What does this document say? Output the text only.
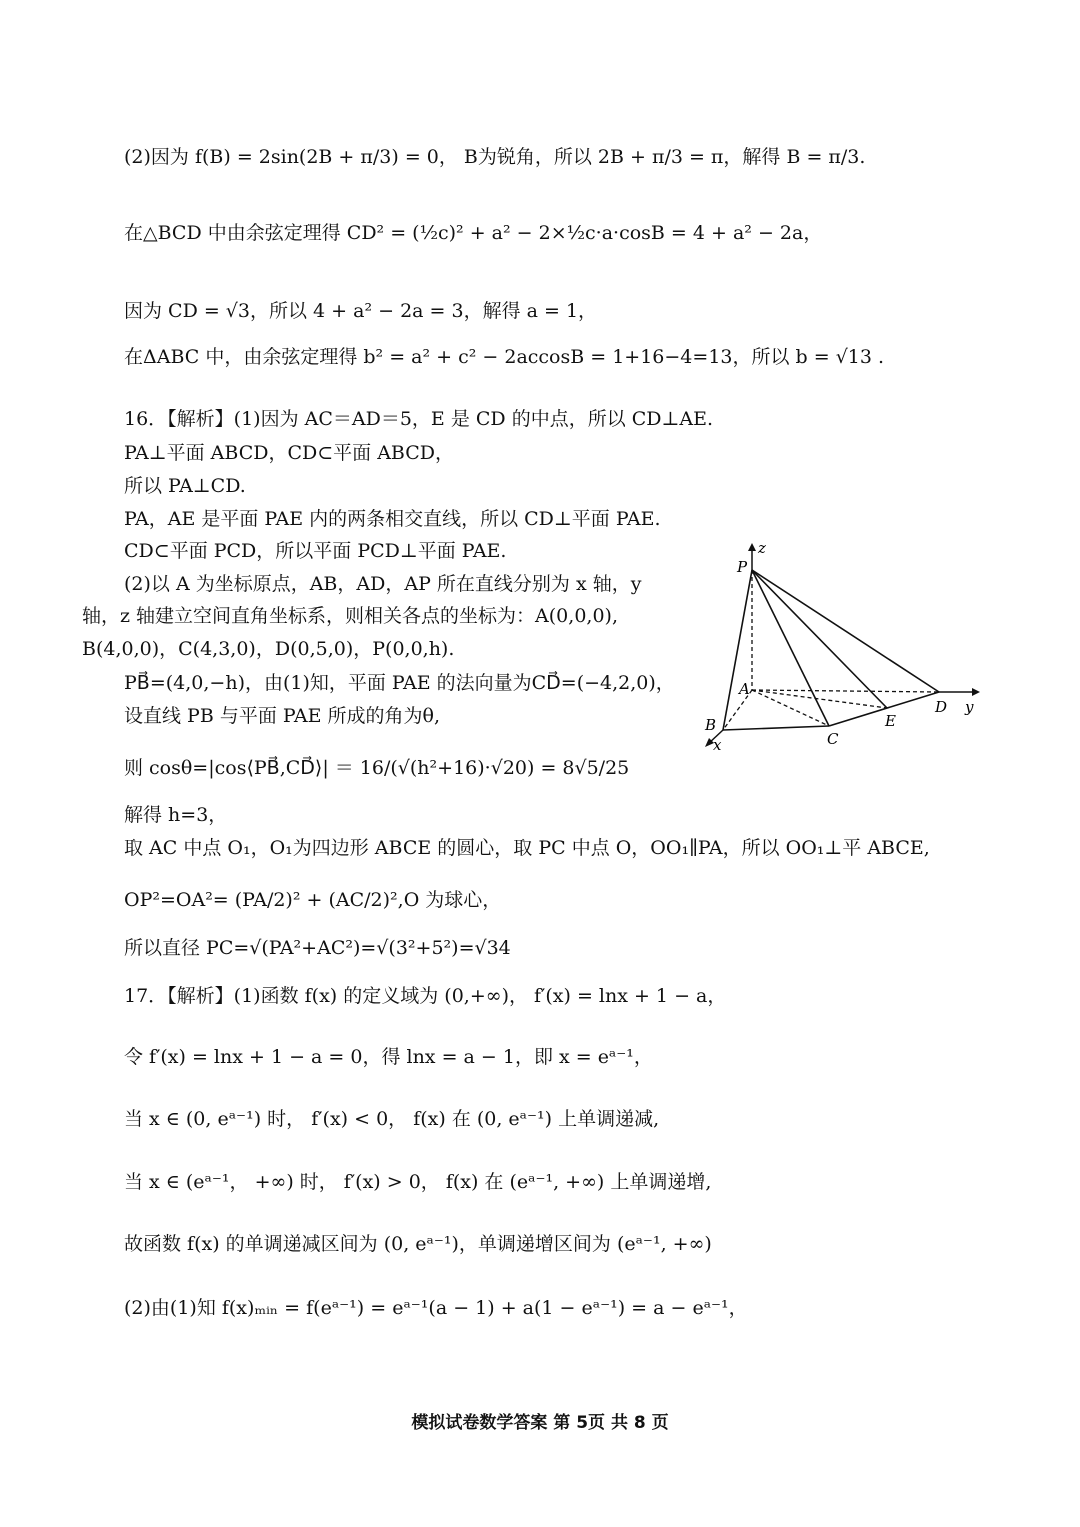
(2)因为 f(B) = 2sin(2B + π/3) = 0， B为锐角，所以 2B + π/3 = π，解得 B = π/3.
在△BCD 中由余弦定理得 CD² = (½c)² + a² − 2×½c·a·cosB = 4 + a² − 2a，
因为 CD = √3，所以 4 + a² − 2a = 3，解得 a = 1，
在ΔABC 中，由余弦定理得 b² = a² + c² − 2accosB = 1+16−4=13，所以 b = √13 .
16．【解析】(1)因为 AC＝AD＝5，E 是 CD 的中点，所以 CD⊥AE.
PA⊥平面 ABCD，CD⊂平面 ABCD，
所以 PA⊥CD.
PA，AE 是平面 PAE 内的两条相交直线，所以 CD⊥平面 PAE.
CD⊂平面 PCD，所以平面 PCD⊥平面 PAE.
(2)以 A 为坐标原点，AB，AD，AP 所在直线分别为 x 轴，y
轴，z 轴建立空间直角坐标系，则相关各点的坐标为：A(0,0,0),
B(4,0,0)，C(4,3,0)，D(0,5,0)，P(0,0,h).
PB⃗=(4,0,−h)，由(1)知，平面 PAE 的法向量为CD⃗=(−4,2,0)，
设直线 PB 与平面 PAE 所成的角为θ,
则 cosθ=|cos⟨PB⃗,CD⃗⟩| ＝ 16/(√(h²+16)·√20) = 8√5/25
解得 h=3，
取 AC 中点 O₁，O₁为四边形 ABCE 的圆心，取 PC 中点 O，OO₁∥PA，所以 OO₁⊥平 ABCE,
OP²=OA²= (PA/2)² + (AC/2)²,O 为球心，
所以直径 PC=√(PA²+AC²)=√(3²+5²)=√34
17．【解析】(1)函数 f(x) 的定义域为 (0,+∞)， f′(x) = lnx + 1 − a，
令 f′(x) = lnx + 1 − a = 0，得 lnx = a − 1，即 x = eᵃ⁻¹，
当 x ∈ (0, eᵃ⁻¹) 时， f′(x) < 0， f(x) 在 (0, eᵃ⁻¹) 上单调递减,
当 x ∈ (eᵃ⁻¹， +∞) 时， f′(x) > 0， f(x) 在 (eᵃ⁻¹, +∞) 上单调递增,
故函数 f(x) 的单调递减区间为 (0, eᵃ⁻¹)，单调递增区间为 (eᵃ⁻¹, +∞)
(2)由(1)知 f(x)ₘᵢₙ = f(eᵃ⁻¹) = eᵃ⁻¹(a − 1) + a(1 − eᵃ⁻¹) = a − eᵃ⁻¹，
P
z
A
B
x	C
E
D y
模拟试卷数学答案 第 5页 共 8 页
